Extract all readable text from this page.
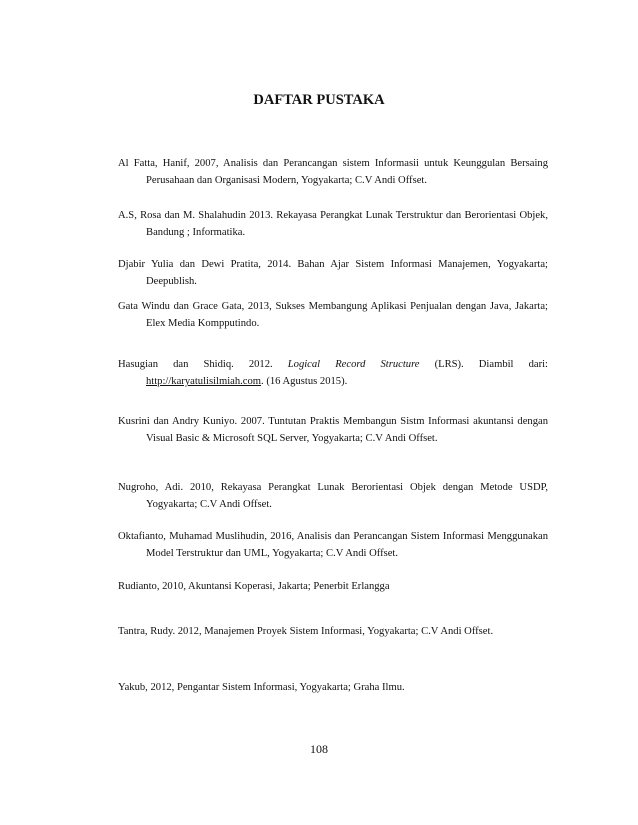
DAFTAR PUSTAKA

Al Fatta, Hanif, 2007, Analisis dan Perancangan sistem Informasii untuk Keunggulan Bersaing Perusahaan dan Organisasi Modern, Yogyakarta; C.V Andi Offset.

A.S, Rosa dan M. Shalahudin 2013. Rekayasa Perangkat Lunak Terstruktur dan Berorientasi Objek, Bandung ; Informatika.

Djabir Yulia dan Dewi Pratita, 2014. Bahan Ajar Sistem Informasi Manajemen, Yogyakarta; Deepublish.

Gata Windu dan Grace Gata, 2013, Sukses Membangung Aplikasi Penjualan dengan Java, Jakarta; Elex Media Kompputindo.

Hasugian dan Shidiq. 2012. Logical Record Structure (LRS). Diambil dari: http://karyatulisilmiah.com. (16 Agustus 2015).

Kusrini dan Andry Kuniyo. 2007. Tuntutan Praktis Membangun Sistm Informasi akuntansi dengan Visual Basic & Microsoft SQL Server, Yogyakarta; C.V Andi Offset.

Nugroho, Adi. 2010, Rekayasa Perangkat Lunak Berorientasi Objek dengan Metode USDP, Yogyakarta; C.V Andi Offset.

Oktafianto, Muhamad Muslihudin, 2016, Analisis dan Perancangan Sistem Informasi Menggunakan Model Terstruktur dan UML, Yogyakarta; C.V Andi Offset.

Rudianto, 2010, Akuntansi Koperasi, Jakarta; Penerbit Erlangga

Tantra, Rudy. 2012, Manajemen Proyek Sistem Informasi, Yogyakarta; C.V Andi Offset.

Yakub, 2012, Pengantar Sistem Informasi, Yogyakarta; Graha Ilmu.

108
